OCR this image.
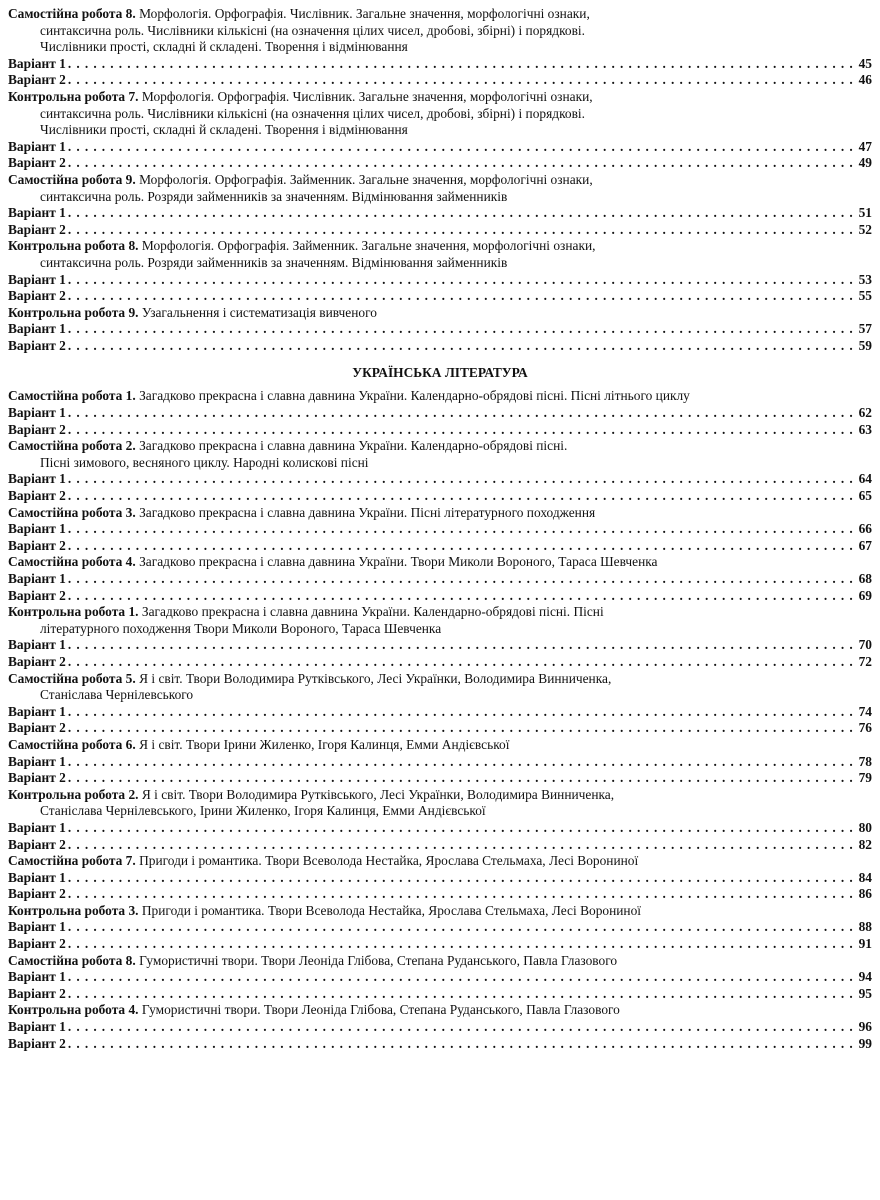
Самостійна робота 8. Морфологія. Орфографія. Числівник. Загальне значення, морфологічні ознаки,
синтаксична роль. Числівники кількісні (на означення цілих чисел, дробові, збірні) і порядкові.
Числівники прості, складні й складені. Творення і відмінювання
Варіант 1 . . .	45
Варіант 2 . . .	46
Контрольна робота 7. Морфологія. Орфографія. Числівник. Загальне значення, морфологічні ознаки,
синтаксична роль. Числівники кількісні (на означення цілих чисел, дробові, збірні) і порядкові.
Числівники прості, складні й складені. Творення і відмінювання
Варіант 1 . . .	47
Варіант 2 . . .	49
Самостійна робота 9. Морфологія. Орфографія. Займенник. Загальне значення, морфологічні ознаки,
синтаксична роль. Розряди займенників за значенням. Відмінювання займенників
Варіант 1 . . .	51
Варіант 2 . . .	52
Контрольна робота 8. Морфологія. Орфографія. Займенник. Загальне значення, морфологічні ознаки,
синтаксична роль. Розряди займенників за значенням. Відмінювання займенників
Варіант 1 . . .	53
Варіант 2 . . .	55
Контрольна робота 9. Узагальнення і систематизація вивченого
Варіант 1 . . .	57
Варіант 2 . . .	59
УКРАЇНСЬКА ЛІТЕРАТУРА
Самостійна робота 1. Загадково прекрасна і славна давнина України. Календарно-обрядові пісні. Пісні літнього циклу
Варіант 1 . . .	62
Варіант 2 . . .	63
Самостійна робота 2. Загадково прекрасна і славна давнина України. Календарно-обрядові пісні.
Пісні зимового, весняного циклу. Народні колискові пісні
Варіант 1 . . .	64
Варіант 2 . . .	65
Самостійна робота 3. Загадково прекрасна і славна давнина України. Пісні літературного походження
Варіант 1 . . .	66
Варіант 2 . . .	67
Самостійна робота 4. Загадково прекрасна і славна давнина України. Твори Миколи Вороного, Тараса Шевченка
Варіант 1 . . .	68
Варіант 2 . . .	69
Контрольна робота 1. Загадково прекрасна і славна давнина України. Календарно-обрядові пісні. Пісні
літературного походження Твори Миколи Вороного, Тараса Шевченка
Варіант 1 . . .	70
Варіант 2 . . .	72
Самостійна робота 5. Я і світ. Твори Володимира Рутківського, Лесі Українки, Володимира Винниченка,
Станіслава Чернілевського
Варіант 1 . . .	74
Варіант 2 . . .	76
Самостійна робота 6. Я і світ. Твори Ірини Жиленко, Ігоря Калинця, Емми Андієвської
Варіант 1 . . .	78
Варіант 2 . . .	79
Контрольна робота 2. Я і світ. Твори Володимира Рутківського, Лесі Українки, Володимира Винниченка,
Станіслава Чернілевського, Ірини Жиленко, Ігоря Калинця, Емми Андієвської
Варіант 1 . . .	80
Варіант 2 . . .	82
Самостійна робота 7. Пригоди і романтика. Твори Всеволода Нестайка, Ярослава Стельмаха, Лесі Ворониної
Варіант 1 . . .	84
Варіант 2 . . .	86
Контрольна робота 3. Пригоди і романтика. Твори Всеволода Нестайка, Ярослава Стельмаха, Лесі Ворониної
Варіант 1 . . .	88
Варіант 2 . . .	91
Самостійна робота 8. Гумористичні твори. Твори Леоніда Глібова, Степана Руданського, Павла Глазового
Варіант 1 . . .	94
Варіант 2 . . .	95
Контрольна робота 4. Гумористичні твори. Твори Леоніда Глібова, Степана Руданського, Павла Глазового
Варіант 1 . . .	96
Варіант 2 . . .	99
